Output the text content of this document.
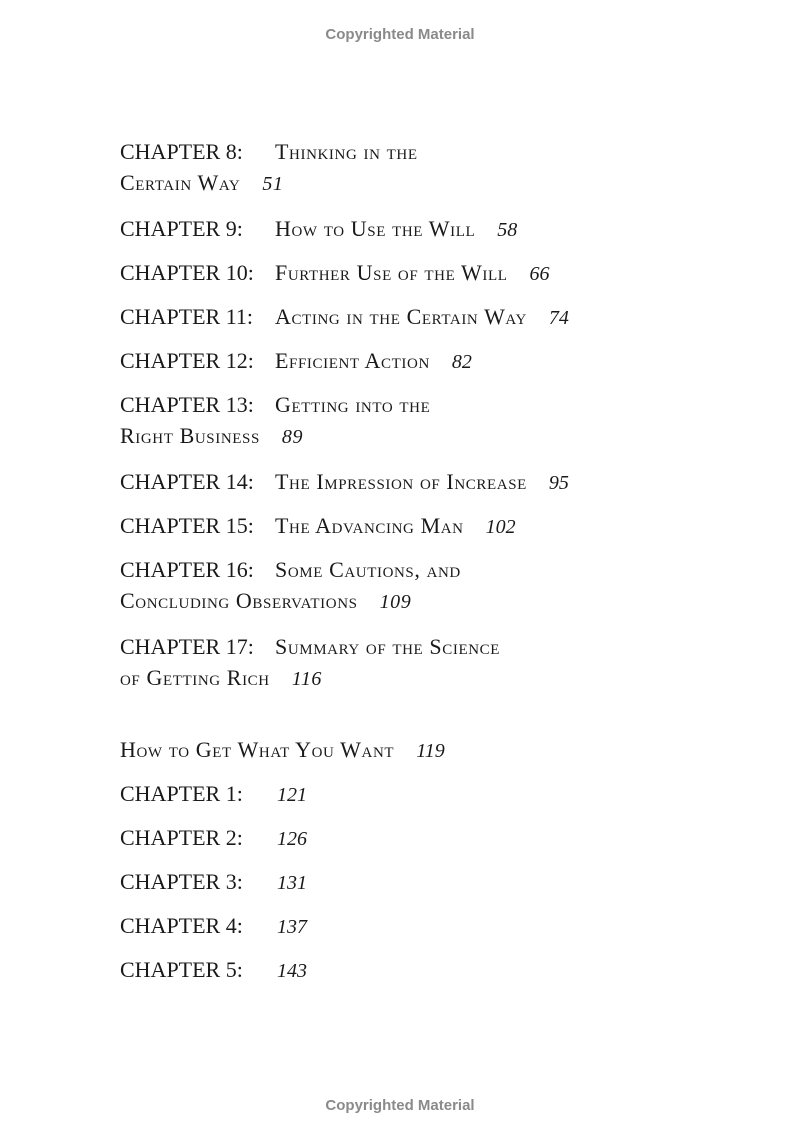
Copyrighted Material
CHAPTER 8: Thinking in the
Certain Way 51
CHAPTER 9: How to Use the Will 58
CHAPTER 10: Further Use of the Will 66
CHAPTER 11: Acting in the Certain Way 74
CHAPTER 12: Efficient Action 82
CHAPTER 13: Getting into the
Right Business 89
CHAPTER 14: The Impression of Increase 95
CHAPTER 15: The Advancing Man 102
CHAPTER 16: Some Cautions, and
Concluding Observations 109
CHAPTER 17: Summary of the Science
of Getting Rich 116
How to Get What You Want 119
CHAPTER 1: 121
CHAPTER 2: 126
CHAPTER 3: 131
CHAPTER 4: 137
CHAPTER 5: 143
Copyrighted Material
